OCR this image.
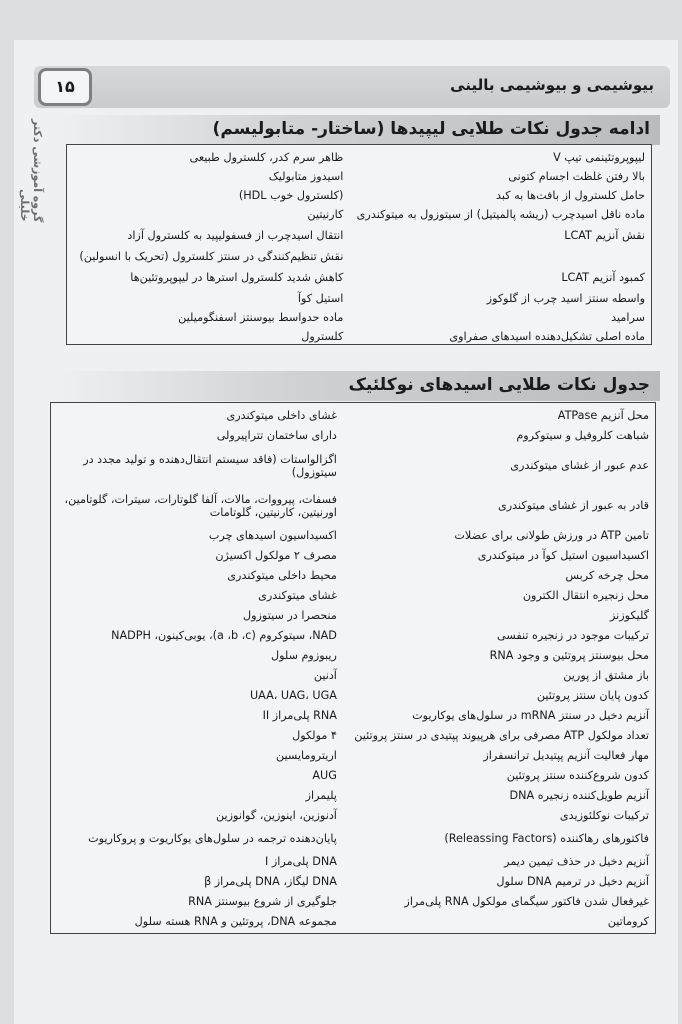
۱۵	بیوشیمی و بیوشیمی بالینی
گروه آموزشی دکتر خلیلی
ادامه جدول نکات طلایی لیپیدها (ساختار- متابولیسم)
لیپوپروتئینمی تیپ V
ظاهر سرم کدر، کلسترول طبیعی
بالا رفتن غلظت اجسام کتونی
اسیدوز متابولیک
حامل کلسترول از بافت‌ها به کبد
(کلسترول خوب HDL)
ماده ناقل اسیدچرب (ریشه پالمیتیل) از سیتوزول به میتوکندری
کارنیتین
نقش آنزیم LCAT
انتقال اسیدچرب از فسفولیپید به کلسترول آزاد
نقش تنظیم‌کنندگی در سنتز کلسترول (تحریک با انسولین)
کمبود آنزیم LCAT
کاهش شدید کلسترول استرها در لیپوپروتئین‌ها
واسطه سنتز اسید چرب از گلوکوز
استیل کوآ
سرامید
ماده حدواسط بیوسنتز اسفنگومیلین
ماده اصلی تشکیل‌دهنده اسیدهای صفراوی
کلسترول
جدول نکات طلایی اسیدهای نوکلئیک
محل آنزیم ATPase
غشای داخلی میتوکندری
شباهت کلروفیل و سیتوکروم
دارای ساختمان تتراپیرولی
عدم عبور از غشای میتوکندری
اگزالواستات (فاقد سیستم انتقال‌دهنده و تولید مجدد در سیتوزول)
قادر به عبور از غشای میتوکندری
فسفات، پیرووات، مالات، آلفا گلوتارات، سیترات، گلوتامین، اورنیتین، کارنیتین، گلوتامات
تامین ATP در ورزش طولانی برای عضلات
اکسیداسیون اسیدهای چرب
اکسیداسیون استیل کوآ در میتوکندری
مصرف ۲ مولکول اکسیژن
محل چرخه کربس
محیط داخلی میتوکندری
محل زنجیره انتقال الکترون
غشای میتوکندری
گلیکوزنز
منحصرا در سیتوزول
ترکیبات موجود در زنجیره تنفسی
NAD، سیتوکروم (a ،b ،c)، یوبی‌کینون، NADPH
محل بیوسنتز پروتئین و وجود RNA
ریبوزوم سلول
باز مشتق از پورین
آدنین
کدون پایان سنتز پروتئین
UAA، UAG، UGA
آنزیم دخیل در سنتز mRNA در سلول‌های یوکاریوت
RNA پلی‌مراز II
تعداد مولکول ATP مصرفی برای هرپیوند پپتیدی در سنتز پروتئین
۴ مولکول
مهار فعالیت آنزیم پپتیدیل ترانسفراز
اریترومایسین
کدون شروع‌کننده سنتز پروتئین
AUG
آنزیم طویل‌کننده زنجیره DNA
پلیمراز
ترکیبات نوکلئوزیدی
آدنوزین، اینوزین، گوانوزین
فاکتورهای رهاکننده (Releassing Factors)
پایان‌دهنده ترجمه در سلول‌های یوکاریوت و پروکاریوت
آنزیم دخیل در حذف تیمین دیمر
DNA پلی‌مراز I
آنزیم دخیل در ترمیم DNA سلول
DNA لیگاز، DNA پلی‌مراز β
غیرفعال شدن فاکتور سیگمای مولکول RNA پلی‌مراز
جلوگیری از شروع بیوسنتز RNA
کروماتین
مجموعه DNA، پروتئین و RNA هسته سلول
